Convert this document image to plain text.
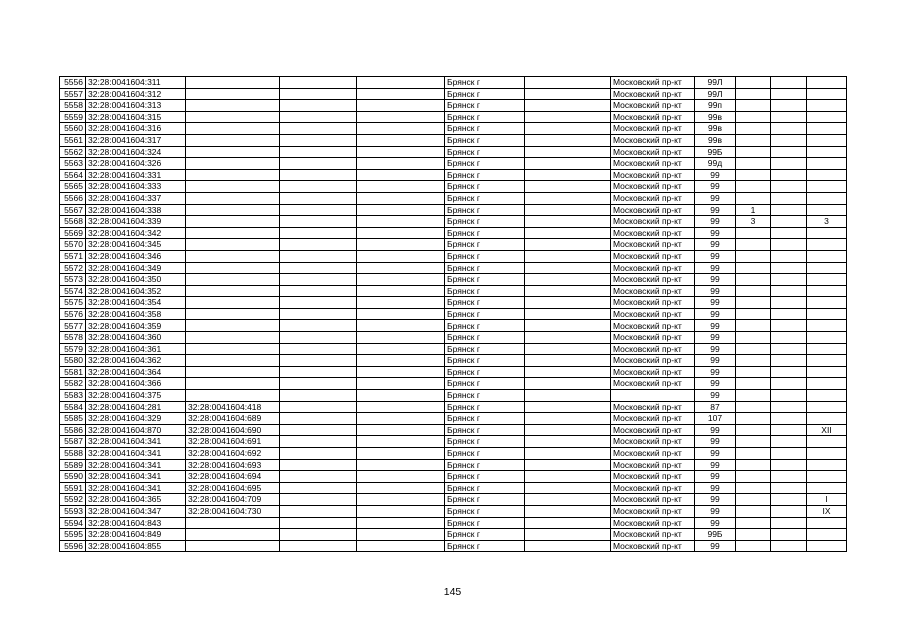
5556	32:28:0041604:311				Брянск г		Московский пр-кт	99Л			
5557	32:28:0041604:312				Брянск г		Московский пр-кт	99Л			
5558	32:28:0041604:313				Брянск г		Московский пр-кт	99п			
5559	32:28:0041604:315				Брянск г		Московский пр-кт	99в			
5560	32:28:0041604:316				Брянск г		Московский пр-кт	99в			
5561	32:28:0041604:317				Брянск г		Московский пр-кт	99в			
5562	32:28:0041604:324				Брянск г		Московский пр-кт	99Б			
5563	32:28:0041604:326				Брянск г		Московский пр-кт	99д			
5564	32:28:0041604:331				Брянск г		Московский пр-кт	99			
5565	32:28:0041604:333				Брянск г		Московский пр-кт	99			
5566	32:28:0041604:337				Брянск г		Московский пр-кт	99			
5567	32:28:0041604:338				Брянск г		Московский пр-кт	99	1		
5568	32:28:0041604:339				Брянск г		Московский пр-кт	99	3		3
5569	32:28:0041604:342				Брянск г		Московский пр-кт	99			
5570	32:28:0041604:345				Брянск г		Московский пр-кт	99			
5571	32:28:0041604:346				Брянск г		Московский пр-кт	99			
5572	32:28:0041604:349				Брянск г		Московский пр-кт	99			
5573	32:28:0041604:350				Брянск г		Московский пр-кт	99			
5574	32:28:0041604:352				Брянск г		Московский пр-кт	99			
5575	32:28:0041604:354				Брянск г		Московский пр-кт	99			
5576	32:28:0041604:358				Брянск г		Московский пр-кт	99			
5577	32:28:0041604:359				Брянск г		Московский пр-кт	99			
5578	32:28:0041604:360				Брянск г		Московский пр-кт	99			
5579	32:28:0041604:361				Брянск г		Московский пр-кт	99			
5580	32:28:0041604:362				Брянск г		Московский пр-кт	99			
5581	32:28:0041604:364				Брянск г		Московский пр-кт	99			
5582	32:28:0041604:366				Брянск г		Московский пр-кт	99			
5583	32:28:0041604:375				Брянск г			99			
5584	32:28:0041604:281	32:28:0041604:418			Брянск г		Московский пр-кт	87			
5585	32:28:0041604:329	32:28:0041604:689			Брянск г		Московский пр-кт	107			
5586	32:28:0041604:870	32:28:0041604:690			Брянск г		Московский пр-кт	99			XII
5587	32:28:0041604:341	32:28:0041604:691			Брянск г		Московский пр-кт	99			
5588	32:28:0041604:341	32:28:0041604:692			Брянск г		Московский пр-кт	99			
5589	32:28:0041604:341	32:28:0041604:693			Брянск г		Московский пр-кт	99			
5590	32:28:0041604:341	32:28:0041604:694			Брянск г		Московский пр-кт	99			
5591	32:28:0041604:341	32:28:0041604:695			Брянск г		Московский пр-кт	99			
5592	32:28:0041604:365	32:28:0041604:709			Брянск г		Московский пр-кт	99			I
5593	32:28:0041604:347	32:28:0041604:730			Брянск г		Московский пр-кт	99			IX
5594	32:28:0041604:843				Брянск г		Московский пр-кт	99			
5595	32:28:0041604:849				Брянск г		Московский пр-кт	99Б			
5596	32:28:0041604:855				Брянск г		Московский пр-кт	99			
145
